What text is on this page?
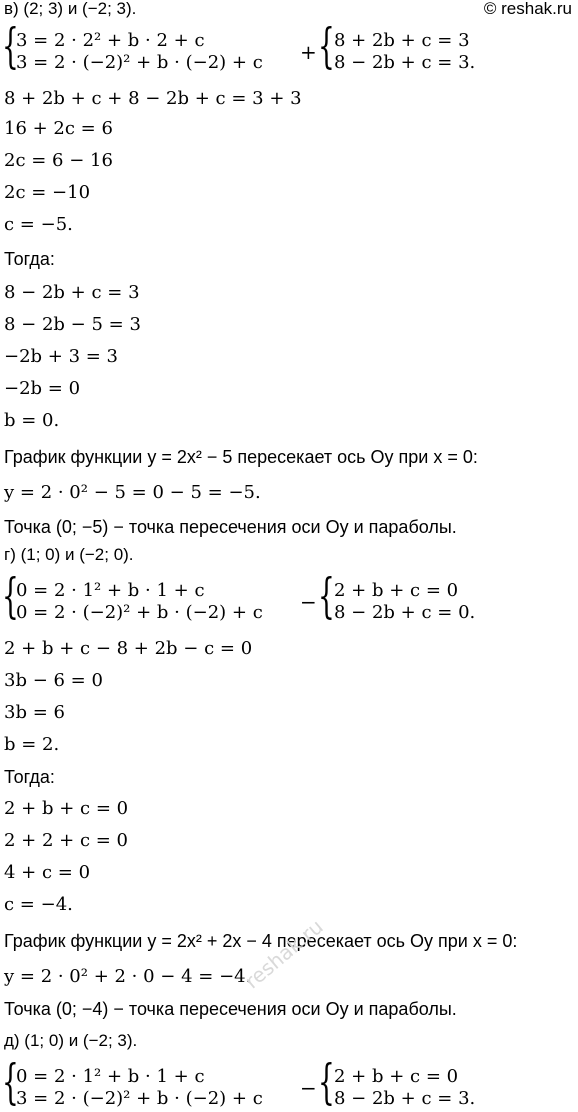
© reshak.ru
в) (2; 3) и (−2; 3).
{
3 = 2 · 2² + b · 2 + c
3 = 2 · (−2)² + b · (−2) + c + { 8 + 2b + c = 3
8 − 2b + c = 3.
8 + 2b + c + 8 − 2b + c = 3 + 3
16 + 2c = 6
2c = 6 − 16
2c = −10
c = −5.
Тогда:
8 − 2b + c = 3
8 − 2b − 5 = 3
−2b + 3 = 3
−2b = 0
b = 0.
График функции y = 2x² − 5 пересекает ось Oy при x = 0:
y = 2 · 0² − 5 = 0 − 5 = −5.
Точка (0; −5) − точка пересечения оси Oy и параболы.
г) (1; 0) и (−2; 0).
{
0 = 2 · 1² + b · 1 + c
0 = 2 · (−2)² + b · (−2) + c − { 2 + b + c = 0
8 − 2b + c = 0.
2 + b + c − 8 + 2b − c = 0
3b − 6 = 0
3b = 6
b = 2.
Тогда:
2 + b + c = 0
2 + 2 + c = 0
4 + c = 0
c = −4.
График функции y = 2x² + 2x − 4 пересекает ось Oy при x = 0:
y = 2 · 0² + 2 · 0 − 4 = −4.
Точка (0; −4) − точка пересечения оси Oy и параболы.
д) (1; 0) и (−2; 3).
{
0 = 2 · 1² + b · 1 + c
3 = 2 · (−2)² + b · (−2) + c − { 2 + b + c = 0
8 − 2b + c = 3.
reshak.ru
